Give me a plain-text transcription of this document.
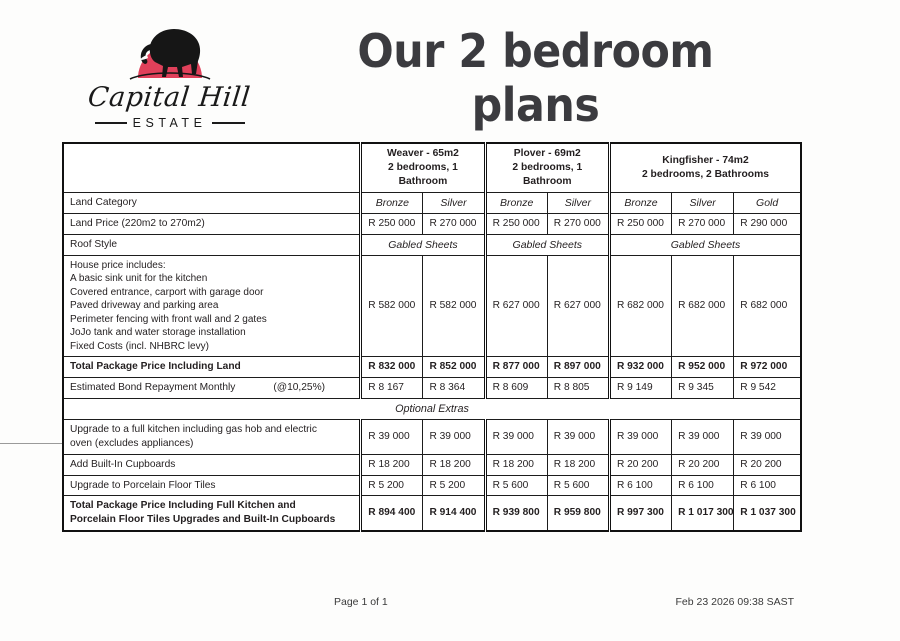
Capital Hill
ESTATE
Our 2 bedroom plans

Weaver - 65m2
2 bedrooms, 1 Bathroom

Plover - 69m2
2 bedrooms, 1 Bathroom

Kingfisher - 74m2
2 bedrooms, 2 Bathrooms

Land Category	Bronze	Silver	Bronze	Silver	Bronze	Silver	Gold
Land Price (220m2 to 270m2)	R 250 000	R 270 000	R 250 000	R 270 000	R 250 000	R 270 000	R 290 000
Roof Style	Gabled Sheets		Gabled Sheets		Gabled Sheets		

House price includes:
A basic sink unit for the kitchen
Covered entrance, carport with garage door
Paved driveway and parking area
Perimeter fencing with front wall and 2 gates
JoJo tank and water storage installation
Fixed Costs (incl. NHBRC levy)
	R 582 000	R 582 000	R 627 000	R 627 000	R 682 000	R 682 000	R 682 000
Total Package Price Including Land	R 832 000	R 852 000	R 877 000	R 897 000	R 932 000	R 952 000	R 972 000

Estimated Bond Repayment Monthly (@10,25%)	R 8 167	R 8 364	R 8 609	R 8 805	R 9 149	R 9 345	R 9 542
Optional Extras							

Upgrade to a full kitchen including gas hob and electric
oven (excludes appliances)	R 39 000	R 39 000	R 39 000	R 39 000	R 39 000	R 39 000	R 39 000
Add Built-In Cupboards	R 18 200	R 18 200	R 18 200	R 18 200	R 20 200	R 20 200	R 20 200
Upgrade to Porcelain Floor Tiles	R 5 200	R 5 200	R 5 600	R 5 600	R 6 100	R 6 100	R 6 100

Total Package Price Including Full Kitchen and
Porcelain Floor Tiles Upgrades and Built-In Cupboards	R 894 400	R 914 400	R 939 800	R 959 800	R 997 300	R 1 017 300	R 1 037 300
Page 1 of 1	Feb 23 2026 09:38 SAST
